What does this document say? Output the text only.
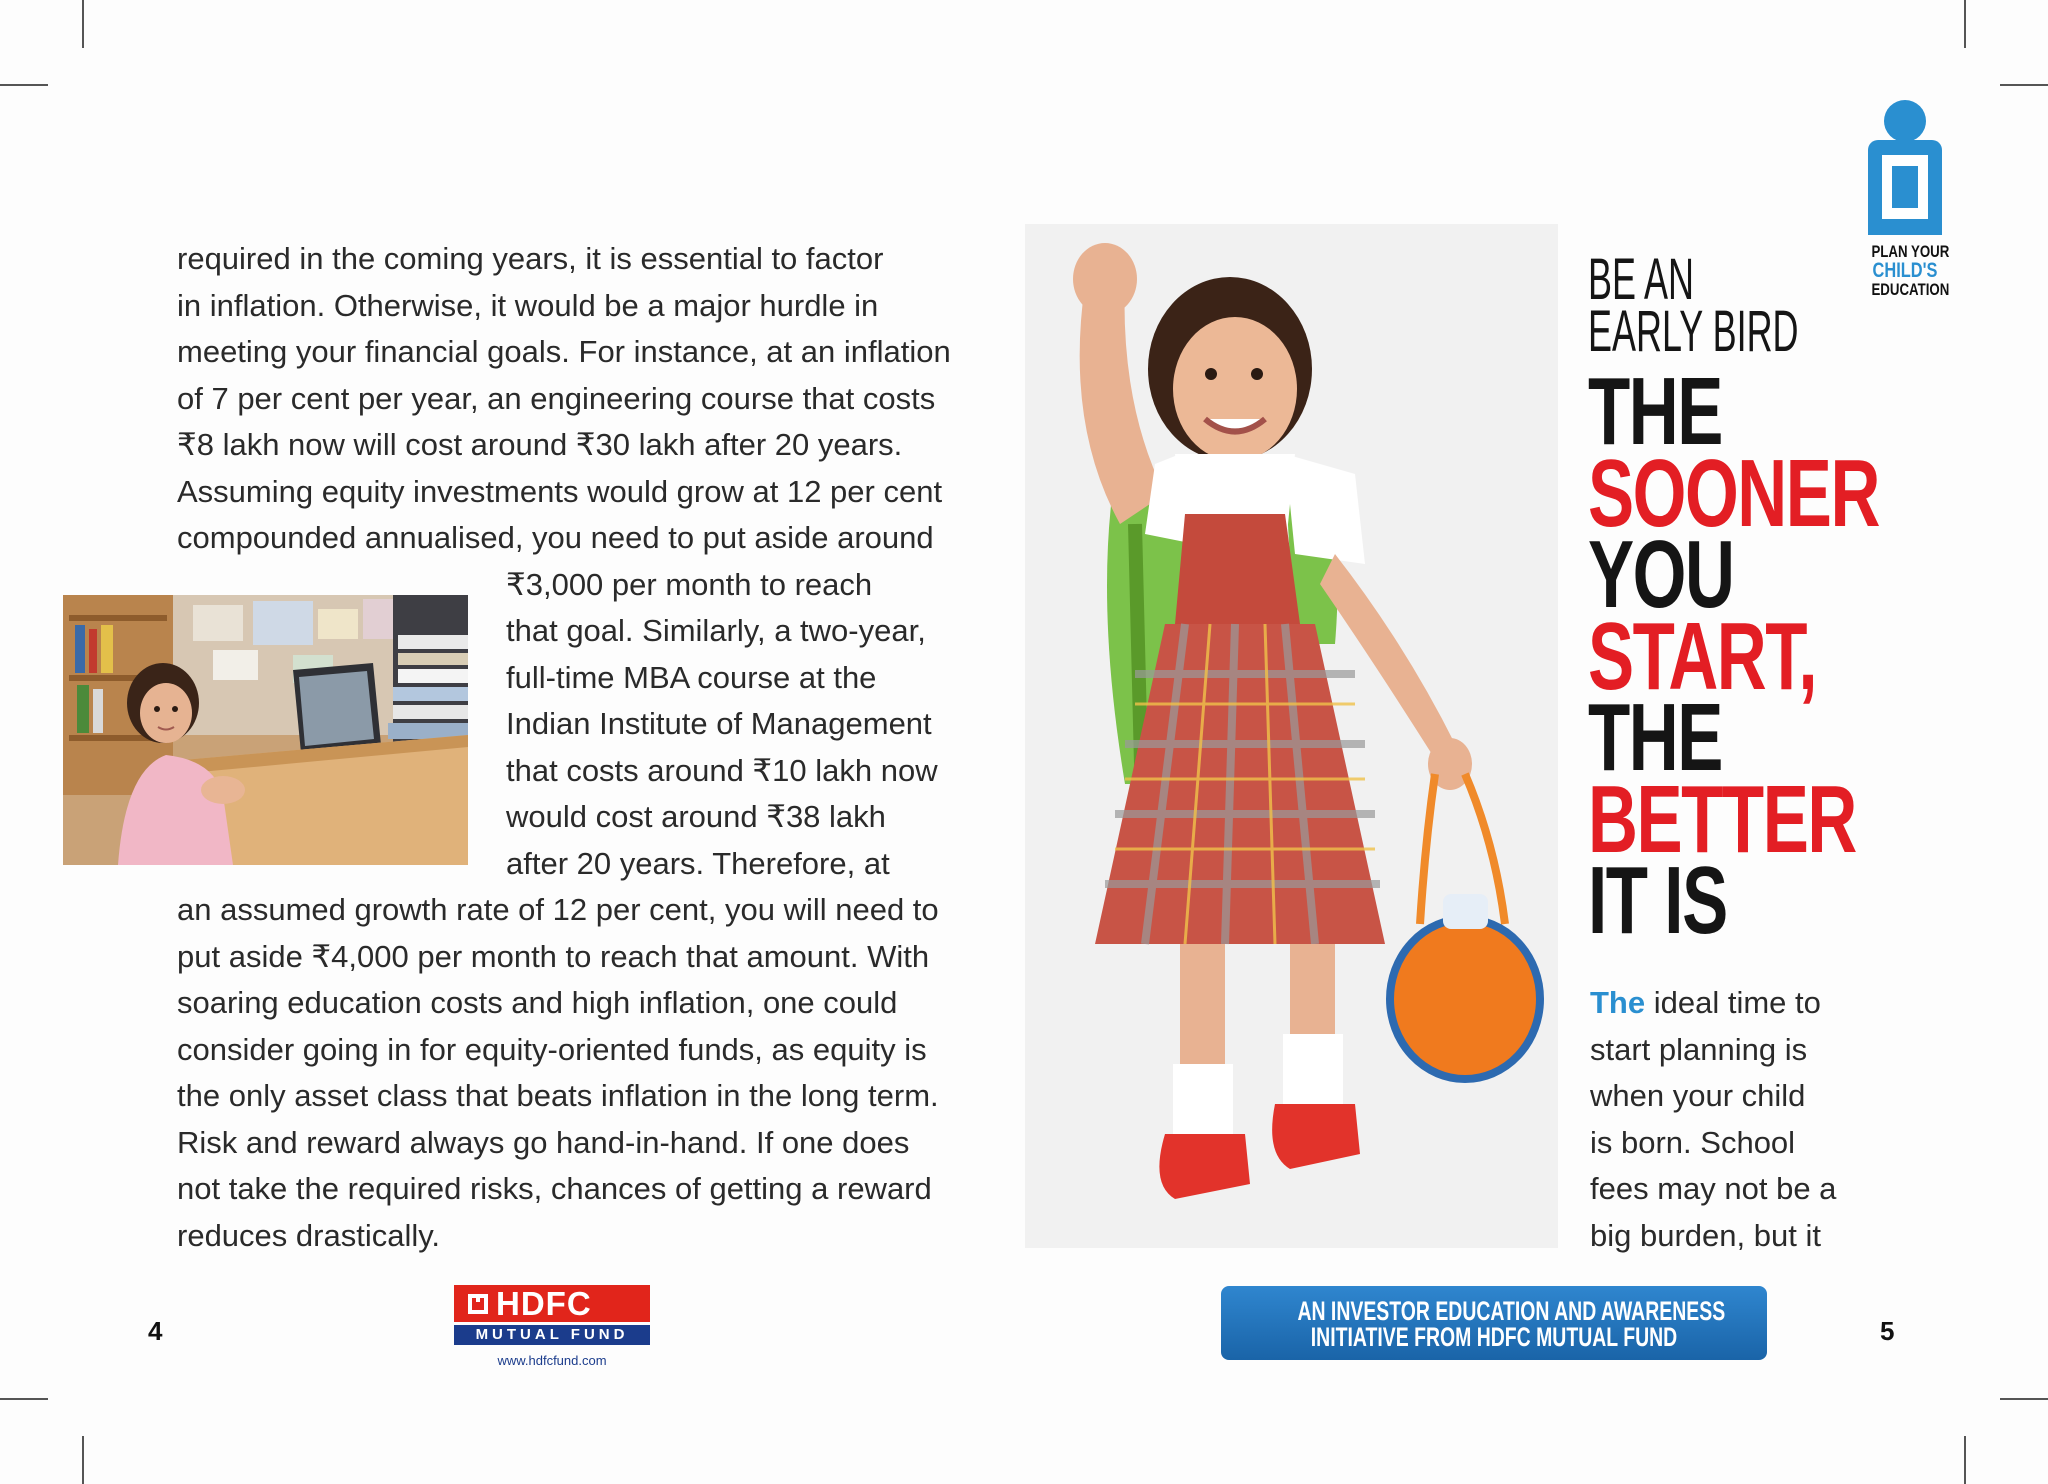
required in the coming years, it is essential to factor
in inflation. Otherwise, it would be a major hurdle in
meeting your financial goals. For instance, at an inflation
of 7 per cent per year, an engineering course that costs
₹8 lakh now will cost around ₹30 lakh after 20 years.
Assuming equity investments would grow at 12 per cent
compounded annualised, you need to put aside around
₹3,000 per month to reach
that goal. Similarly, a two-year,
full-time MBA course at the
Indian Institute of Management
that costs around ₹10 lakh now
would cost around ₹38 lakh
after 20 years. Therefore, at
an assumed growth rate of 12 per cent, you will need to
put aside ₹4,000 per month to reach that amount. With
soaring education costs and high inflation, one could
consider going in for equity-oriented funds, as equity is
the only asset class that beats inflation in the long term.
Risk and reward always go hand-in-hand. If one does
not take the required risks, chances of getting a reward
reduces drastically.
4
HDFC
MUTUAL FUND
www.hdfcfund.com
PLAN YOUR
CHILD'S
EDUCATION
BE AN
EARLY BIRD
THE
SOONER
YOU
START,
THE
BETTER
IT IS
The ideal time to
start planning is
when your child
is born. School
fees may not be a
big burden, but it
AN INVESTOR EDUCATION AND AWARENESS
INITIATIVE FROM HDFC MUTUAL FUND	5
